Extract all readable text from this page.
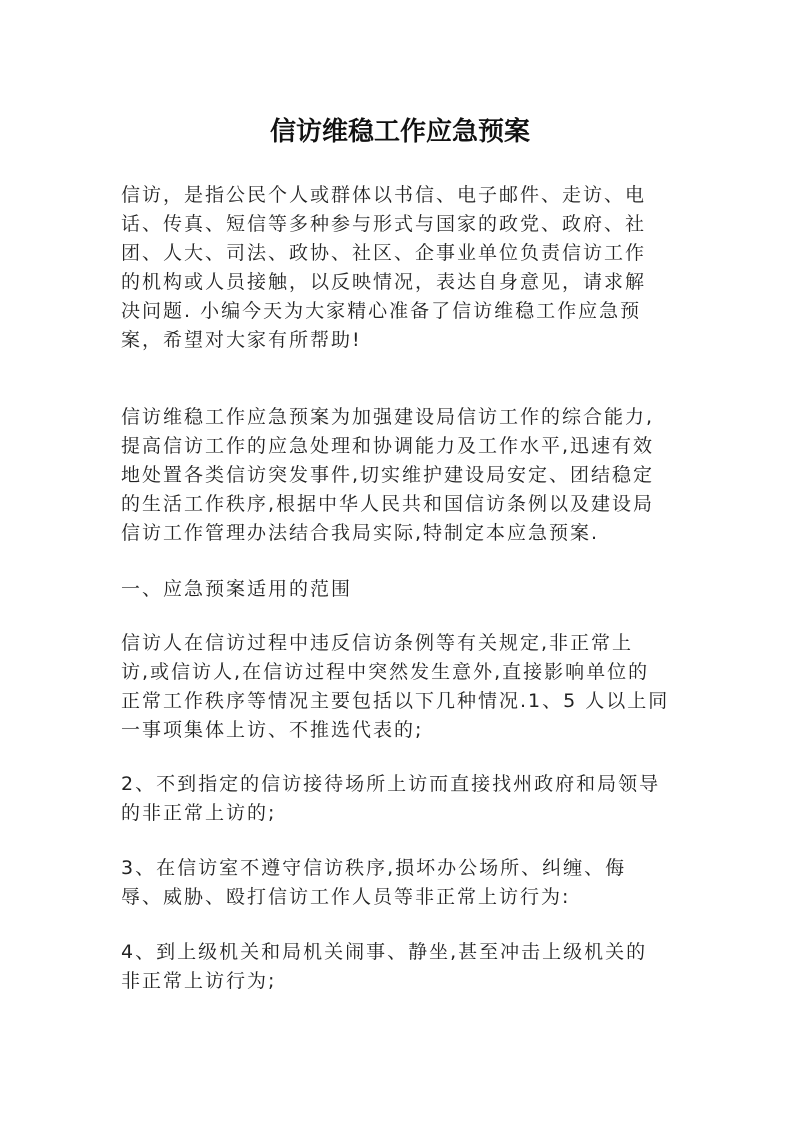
信访维稳工作应急预案

信访，是指公民个人或群体以书信、电子邮件、走访、电
话、传真、短信等多种参与形式与国家的政党、政府、社
团、人大、司法、政协、社区、企事业单位负责信访工作
的机构或人员接触，以反映情况，表达自身意见，请求解
决问题. 小编今天为大家精心准备了信访维稳工作应急预
案，希望对大家有所帮助!

信访维稳工作应急预案为加强建设局信访工作的综合能力,
提高信访工作的应急处理和协调能力及工作水平,迅速有效
地处置各类信访突发事件,切实维护建设局安定、团结稳定
的生活工作秩序,根据中华人民共和国信访条例以及建设局
信访工作管理办法结合我局实际,特制定本应急预案.

一、应急预案适用的范围

信访人在信访过程中违反信访条例等有关规定,非正常上
访,或信访人,在信访过程中突然发生意外,直接影响单位的
正常工作秩序等情况主要包括以下几种情况.1、5 人以上同
一事项集体上访、不推选代表的;

2、不到指定的信访接待场所上访而直接找州政府和局领导
的非正常上访的;

3、在信访室不遵守信访秩序,损坏办公场所、纠缠、侮
辱、威胁、殴打信访工作人员等非正常上访行为:

4、到上级机关和局机关闹事、静坐,甚至冲击上级机关的
非正常上访行为;
